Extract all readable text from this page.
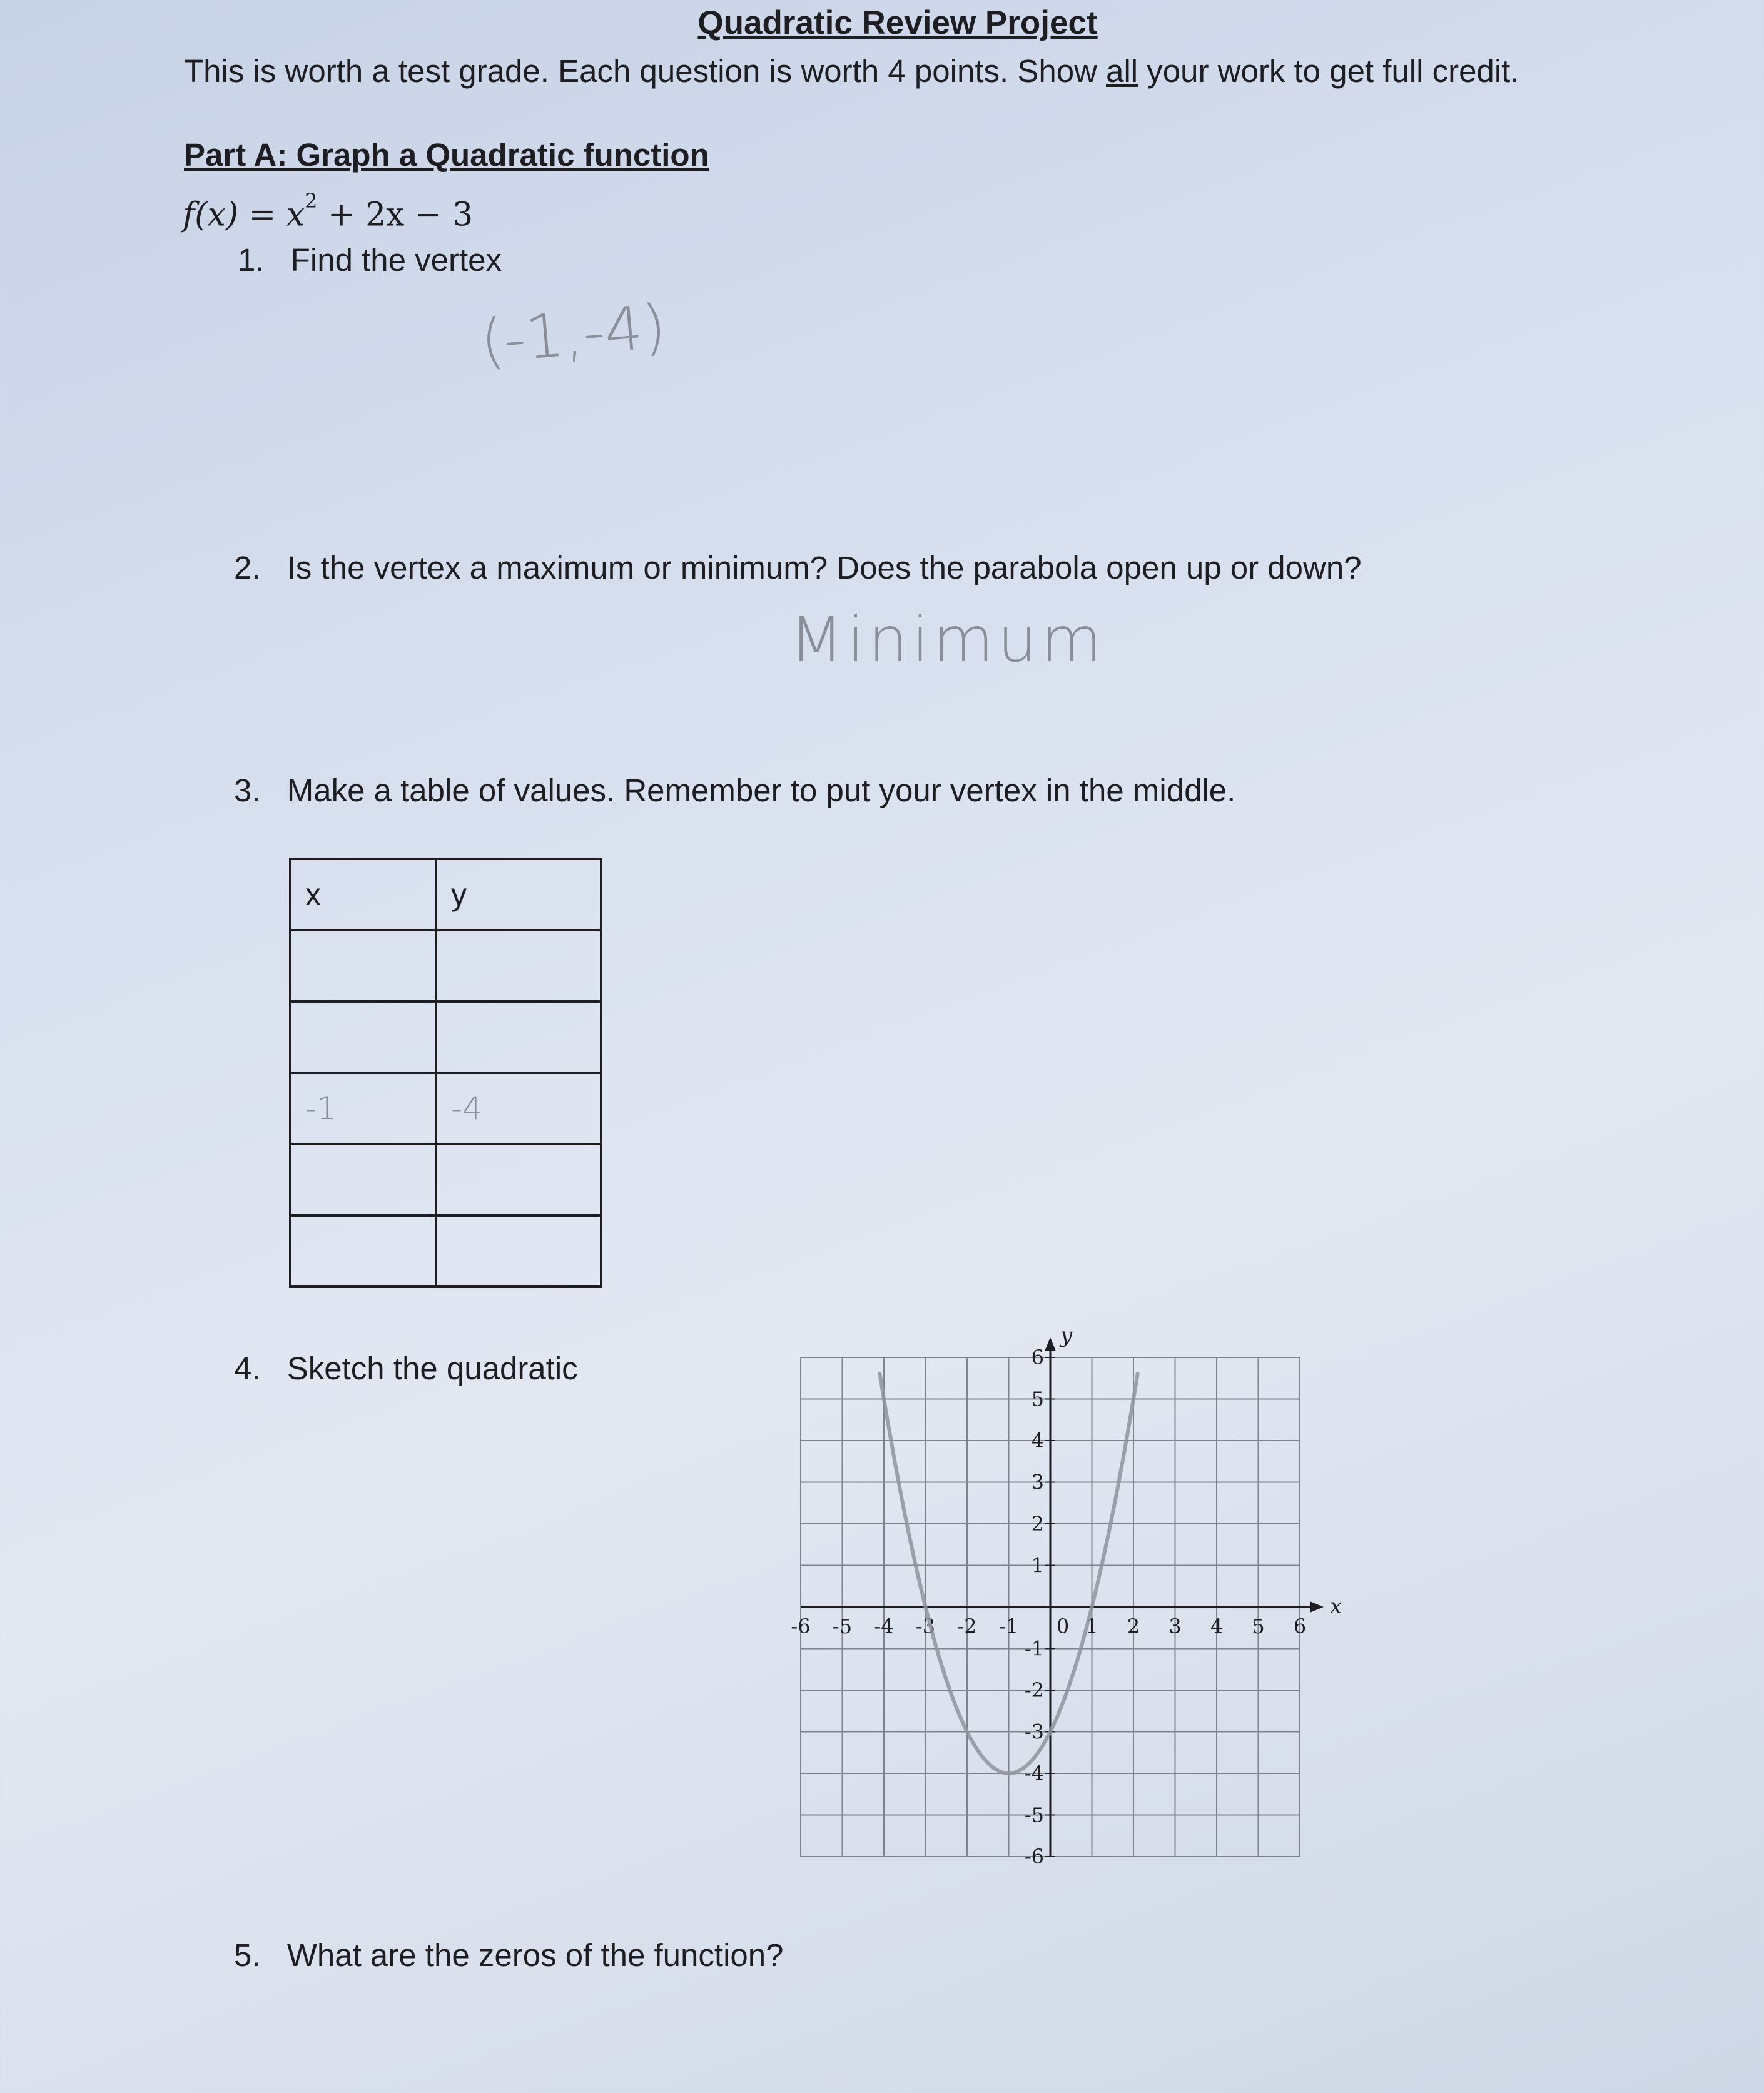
Quadratic Review Project
This is worth a test grade. Each question is worth 4 points. Show all your work to get full credit.
Part A: Graph a Quadratic function
$f(x) = x^2 + 2x - 3$
1. Find the vertex
(-1,-4)
2. Is the vertex a maximum or minimum? Does the parabola open up or down?
Minimum
3. Make a table of values. Remember to put your vertex in the middle.
x	y

-1	-4

4. Sketch the quadratic
-6 -5 -4 -3 -2 -1 0 1 2 3 4 5 6
6
5
4
3
2
1
-1
-2
-3
-4
-5
-6
x
y
5. What are the zeros of the function?
